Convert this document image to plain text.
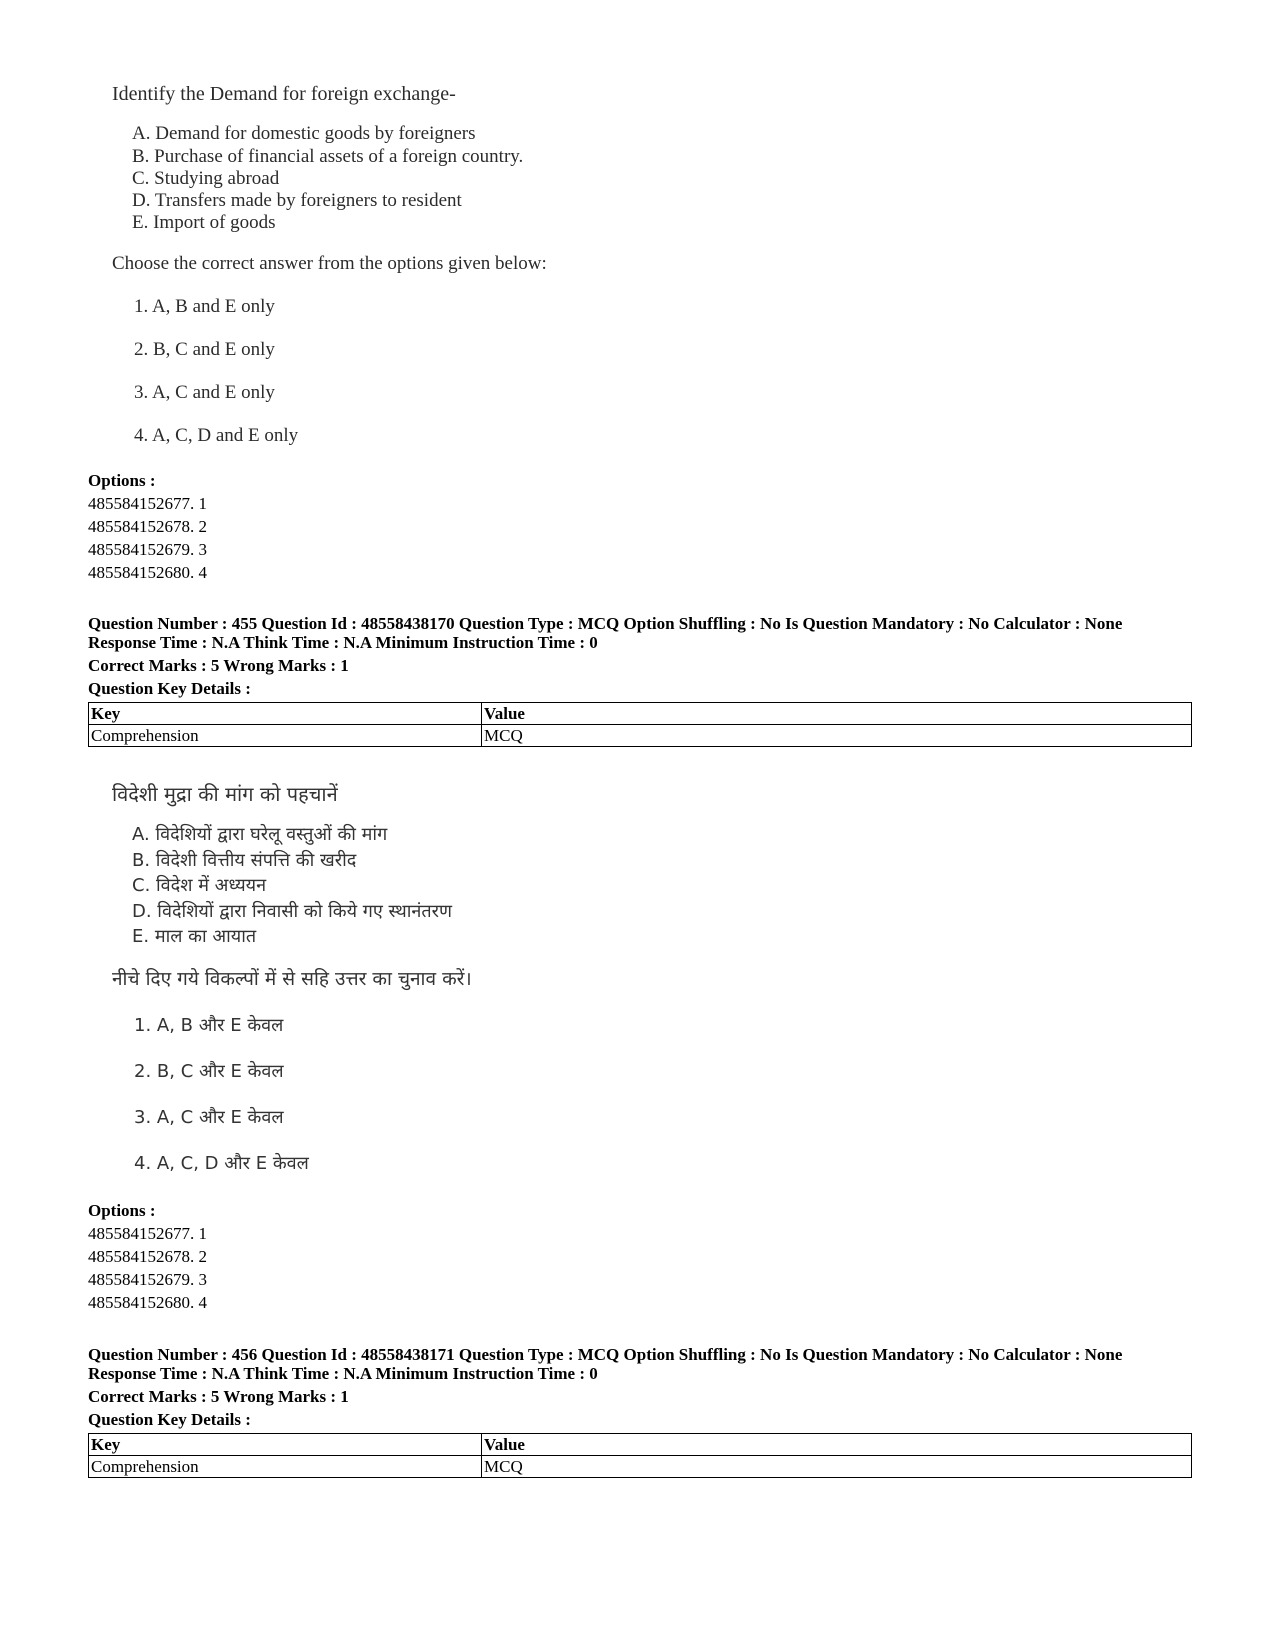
Identify the Demand for foreign exchange-
A. Demand for domestic goods by foreigners
B. Purchase of financial assets of a foreign country.
C. Studying abroad
D. Transfers made by foreigners to resident
E. Import of goods
Choose the correct answer from the options given below:
1. A, B and E only
2. B, C and E only
3. A, C and E only
4. A, C, D and E only
Options :
485584152677. 1
485584152678. 2
485584152679. 3
485584152680. 4
Question Number : 455 Question Id : 48558438170 Question Type : MCQ Option Shuffling : No Is Question Mandatory : No Calculator : None
Response Time : N.A Think Time : N.A Minimum Instruction Time : 0
Correct Marks : 5 Wrong Marks : 1
Question Key Details :
Key	Value
Comprehension	MCQ
विदेशी मुद्रा की मांग को पहचानें
A. विदेशियों द्वारा घरेलू वस्तुओं की मांग
B. विदेशी वित्तीय संपत्ति की खरीद
C. विदेश में अध्ययन
D. विदेशियों द्वारा निवासी को किये गए स्थानंतरण
E. माल का आयात
नीचे दिए गये विकल्पों में से सहि उत्तर का चुनाव करें।
1. A, B और E केवल
2. B, C और E केवल
3. A, C और E केवल
4. A, C, D और E केवल
Options :
485584152677. 1
485584152678. 2
485584152679. 3
485584152680. 4
Question Number : 456 Question Id : 48558438171 Question Type : MCQ Option Shuffling : No Is Question Mandatory : No Calculator : None
Response Time : N.A Think Time : N.A Minimum Instruction Time : 0
Correct Marks : 5 Wrong Marks : 1
Question Key Details :
Key	Value
Comprehension	MCQ
